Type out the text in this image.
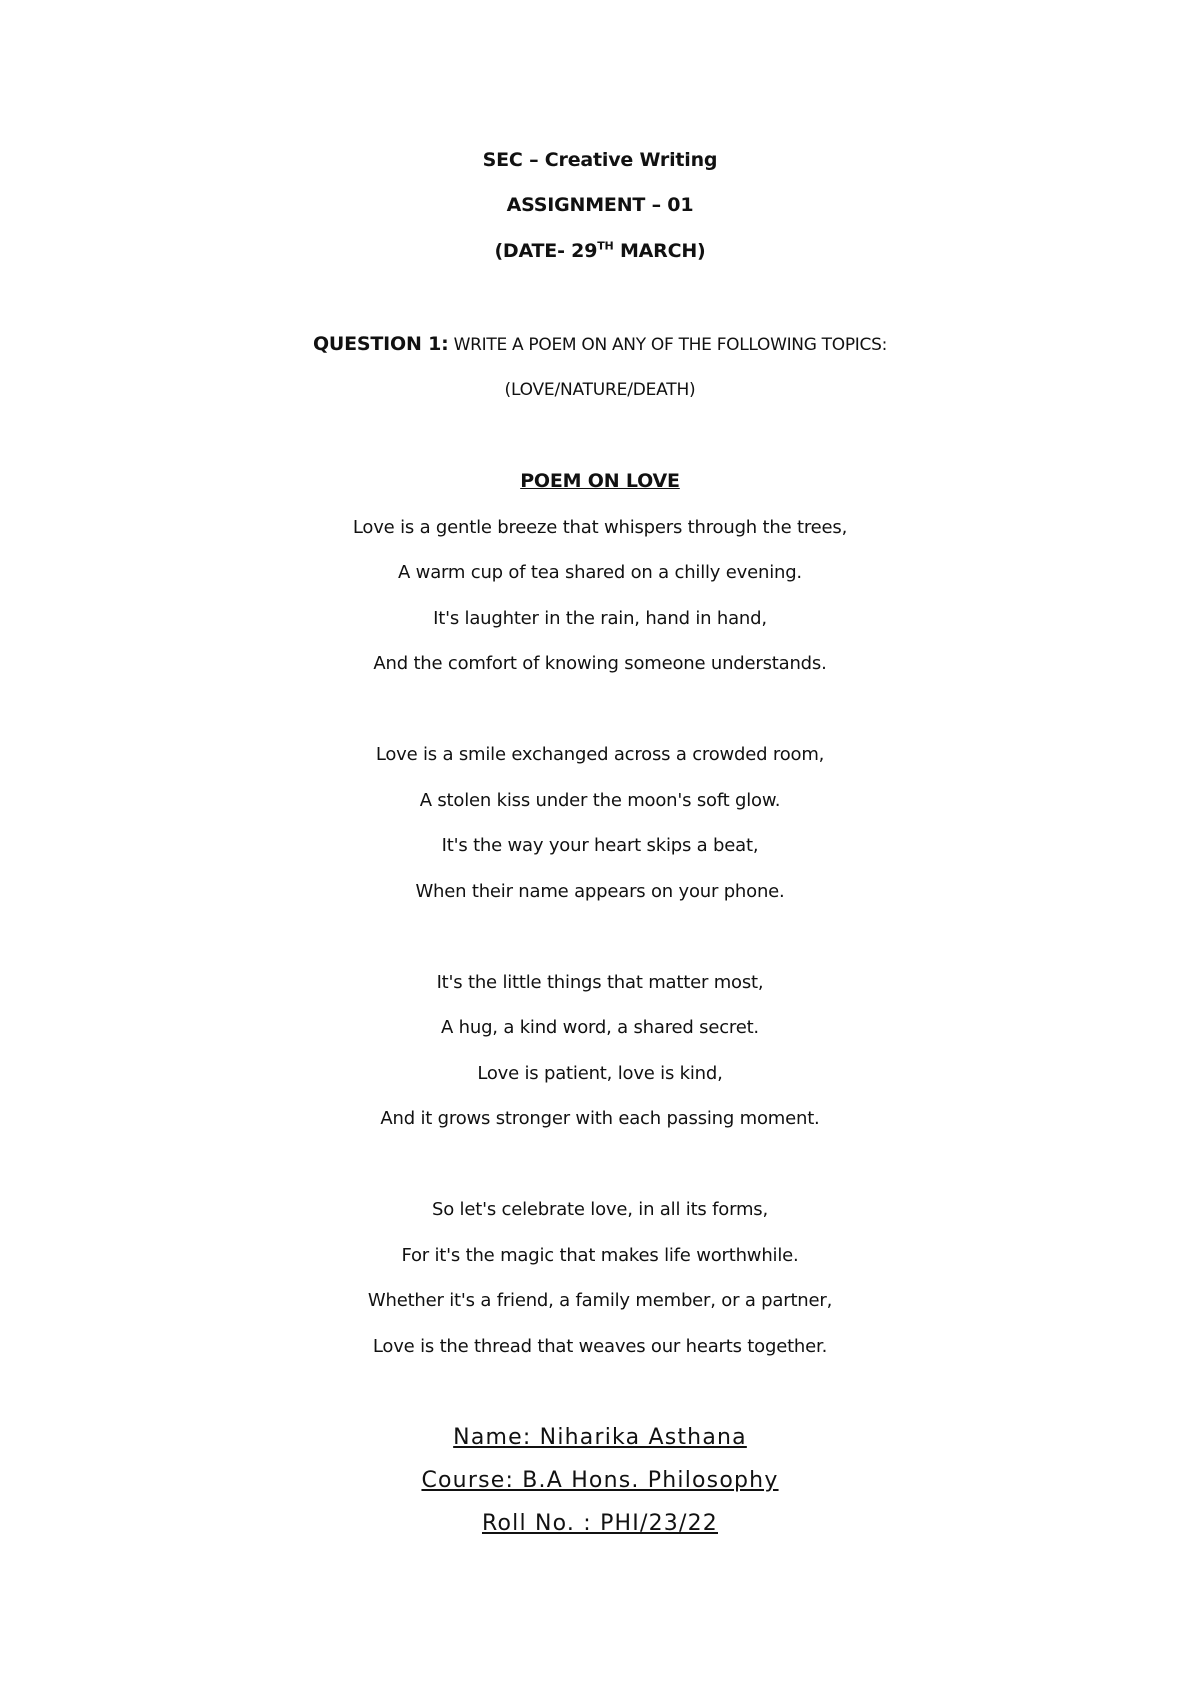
SEC – Creative Writing
ASSIGNMENT – 01
(DATE- 29TH MARCH)
QUESTION 1: WRITE A POEM ON ANY OF THE FOLLOWING TOPICS:
(LOVE/NATURE/DEATH)
POEM ON LOVE
Love is a gentle breeze that whispers through the trees,
A warm cup of tea shared on a chilly evening.
It's laughter in the rain, hand in hand,
And the comfort of knowing someone understands.
Love is a smile exchanged across a crowded room,
A stolen kiss under the moon's soft glow.
It's the way your heart skips a beat,
When their name appears on your phone.
It's the little things that matter most,
A hug, a kind word, a shared secret.
Love is patient, love is kind,
And it grows stronger with each passing moment.
So let's celebrate love, in all its forms,
For it's the magic that makes life worthwhile.
Whether it's a friend, a family member, or a partner,
Love is the thread that weaves our hearts together.
Name: Niharika Asthana
Course: B.A Hons. Philosophy
Roll No. : PHI/23/22
